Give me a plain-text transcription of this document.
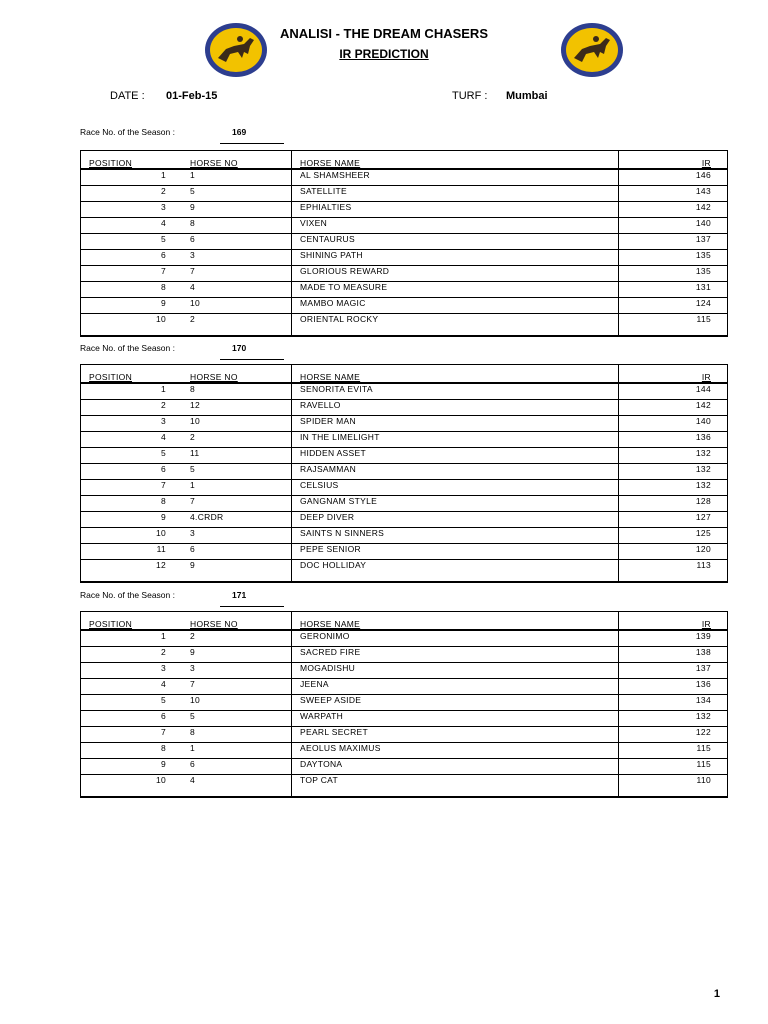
ANALISI - THE DREAM CHASERS
IR PREDICTION
DATE : 01-Feb-15	TURF : Mumbai
Race No. of the Season :	169
POSITION	HORSE NO	HORSE NAME	IR
1	1	AL SHAMSHEER	146
2	5	SATELLITE	143
3	9	EPHIALTIES	142
4	8	VIXEN	140
5	6	CENTAURUS	137
6	3	SHINING PATH	135
7	7	GLORIOUS REWARD	135
8	4	MADE TO MEASURE	131
9	10	MAMBO MAGIC	124
10	2	ORIENTAL ROCKY	115
Race No. of the Season :	170
POSITION	HORSE NO	HORSE NAME	IR
1	8	SENORITA EVITA	144
2	12	RAVELLO	142
3	10	SPIDER MAN	140
4	2	IN THE LIMELIGHT	136
5	11	HIDDEN ASSET	132
6	5	RAJSAMMAN	132
7	1	CELSIUS	132
8	7	GANGNAM STYLE	128
9	4.CRDR	DEEP DIVER	127
10	3	SAINTS N SINNERS	125
11	6	PEPE SENIOR	120
12	9	DOC HOLLIDAY	113
Race No. of the Season :	171
POSITION	HORSE NO	HORSE NAME	IR
1	2	GERONIMO	139
2	9	SACRED FIRE	138
3	3	MOGADISHU	137
4	7	JEENA	136
5	10	SWEEP ASIDE	134
6	5	WARPATH	132
7	8	PEARL SECRET	122
8	1	AEOLUS MAXIMUS	115
9	6	DAYTONA	115
10	4	TOP CAT	110
1
